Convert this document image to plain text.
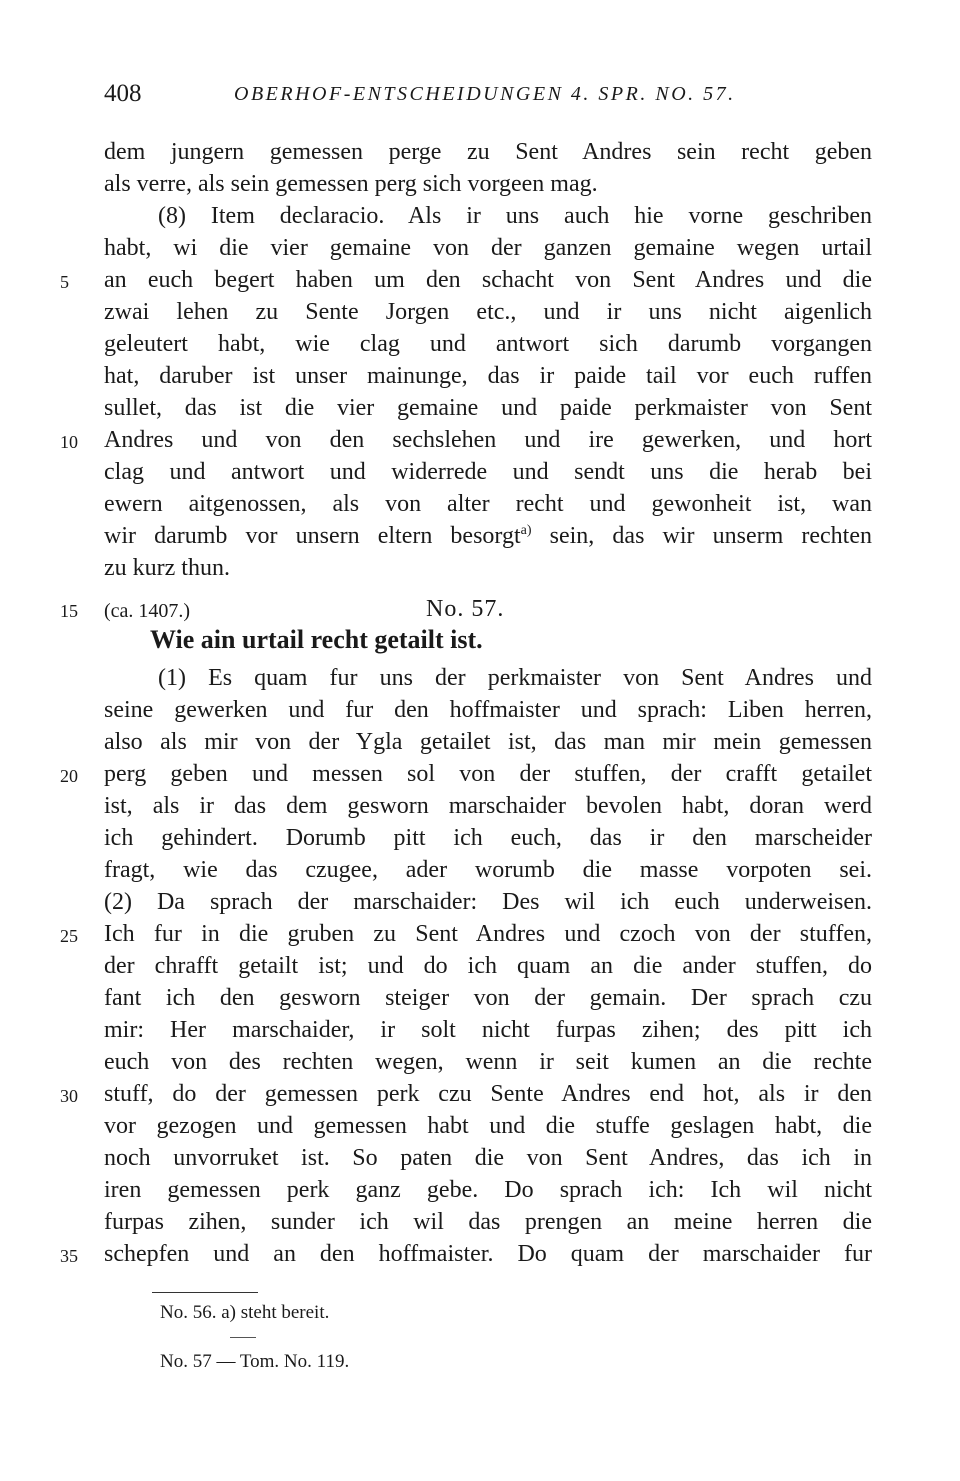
408	OBERHOF-ENTSCHEIDUNGEN 4. SPR. NO. 57.
dem jungern gemessen perge zu Sent Andres sein recht geben
als verre, als sein gemessen perg sich vorgeen mag.
(8) Item declaracio. Als ir uns auch hie vorne geschriben
habt, wi die vier gemaine von der ganzen gemaine wegen urtail
an euch begert haben um den schacht von Sent Andres und die
zwai lehen zu Sente Jorgen etc., und ir uns nicht aigenlich
geleutert habt, wie clag und antwort sich darumb vorgangen
hat, daruber ist unser mainunge, das ir paide tail vor euch ruffen
sullet, das ist die vier gemaine und paide perkmaister von Sent
Andres und von den sechslehen und ire gewerken, und hort
clag und antwort und widerrede und sendt uns die herab bei
ewern aitgenossen, als von alter recht und gewonheit ist, wan
wir darumb vor unsern eltern besorgt$^{a)}$ sein, das wir unserm rechten
zu kurz thun.
(ca. 1407.)	No. 57.
Wie ain urtail recht getailt ist.
(1) Es quam fur uns der perkmaister von Sent Andres und
seine gewerken und fur den hoffmaister und sprach: Liben herren,
also als mir von der Ygla getailet ist, das man mir mein gemessen
perg geben und messen sol von der stuffen, der crafft getailet
ist, als ir das dem gesworn marschaider bevolen habt, doran werd
ich gehindert. Dorumb pitt ich euch, das ir den marscheider
fragt, wie das czugee, ader worumb die masse vorpoten sei.
(2) Da sprach der marschaider: Des wil ich euch underweisen.
Ich fur in die gruben zu Sent Andres und czoch von der stuffen,
der chrafft getailt ist; und do ich quam an die ander stuffen, do
fant ich den gesworn steiger von der gemain. Der sprach czu
mir: Her marschaider, ir solt nicht furpas zihen; des pitt ich
euch von des rechten wegen, wenn ir seit kumen an die rechte
stuff, do der gemessen perk czu Sente Andres end hot, als ir den
vor gezogen und gemessen habt und die stuffe geslagen habt, die
noch unvorruket ist. So paten die von Sent Andres, das ich in
iren gemessen perk ganz gebe. Do sprach ich: Ich wil nicht
furpas zihen, sunder ich wil das prengen an meine herren die
schepfen und an den hoffmaister. Do quam der marschaider fur
5
10
15
20
25
30
35
No. 56. a) steht bereit.
No. 57 — Tom. No. 119.
